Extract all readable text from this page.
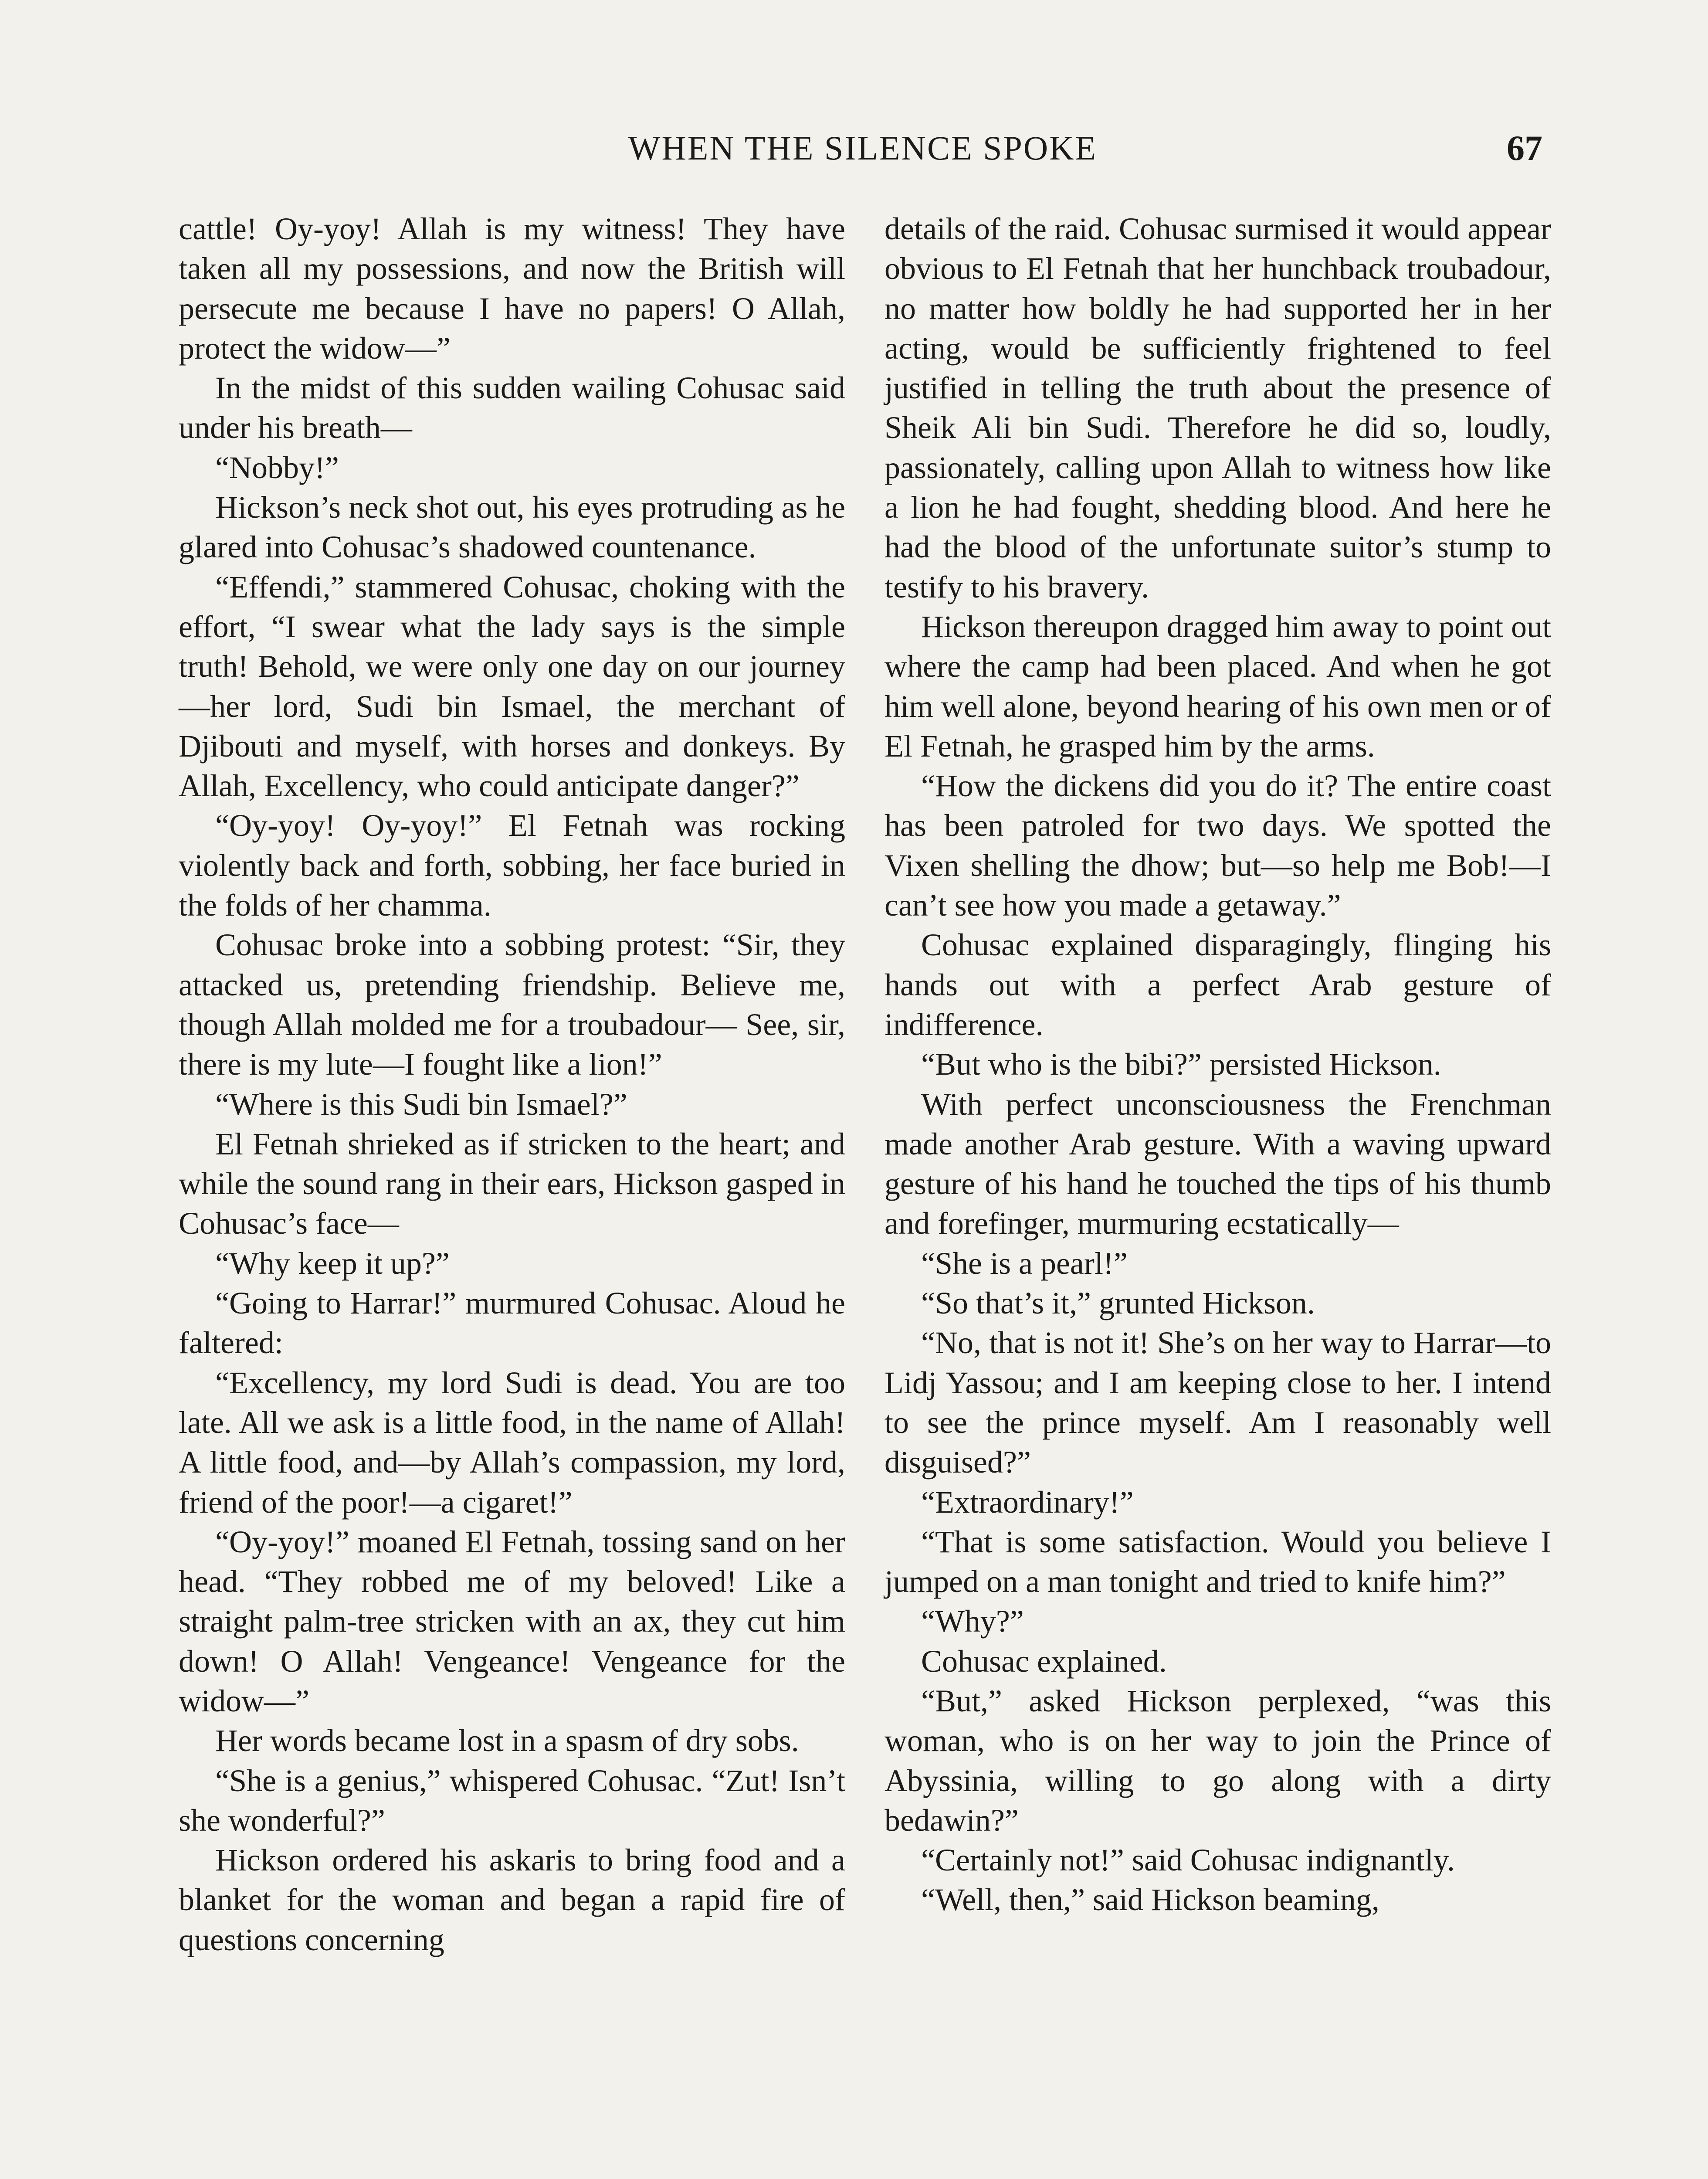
WHEN THE SILENCE SPOKE	67

cattle! Oy-yoy! Allah is my witness! They have taken all my possessions, and now the British will persecute me because I have no papers! O Allah, protect the widow—”

In the midst of this sudden wailing Cohusac said under his breath—

“Nobby!”

Hickson’s neck shot out, his eyes protruding as he glared into Cohusac’s shadowed countenance.

“Effendi,” stammered Cohusac, choking with the effort, “I swear what the lady says is the simple truth! Behold, we were only one day on our journey—her lord, Sudi bin Ismael, the merchant of Djibouti and myself, with horses and donkeys. By Allah, Excellency, who could anticipate danger?”

“Oy-yoy! Oy-yoy!” El Fetnah was rocking violently back and forth, sobbing, her face buried in the folds of her chamma.

Cohusac broke into a sobbing protest: “Sir, they attacked us, pretending friendship. Believe me, though Allah molded me for a troubadour— See, sir, there is my lute—I fought like a lion!”

“Where is this Sudi bin Ismael?”

El Fetnah shrieked as if stricken to the heart; and while the sound rang in their ears, Hickson gasped in Cohusac’s face—

“Why keep it up?”

“Going to Harrar!” murmured Cohusac. Aloud he faltered:

“Excellency, my lord Sudi is dead. You are too late. All we ask is a little food, in the name of Allah! A little food, and—by Allah’s compassion, my lord, friend of the poor!—a cigaret!”

“Oy-yoy!” moaned El Fetnah, tossing sand on her head. “They robbed me of my beloved! Like a straight palm-tree stricken with an ax, they cut him down! O Allah! Vengeance! Vengeance for the widow—”

Her words became lost in a spasm of dry sobs.

“She is a genius,” whispered Cohusac. “Zut! Isn’t she wonderful?”

Hickson ordered his askaris to bring food and a blanket for the woman and began a rapid fire of questions concerning

details of the raid. Cohusac surmised it would appear obvious to El Fetnah that her hunchback troubadour, no matter how boldly he had supported her in her acting, would be sufficiently frightened to feel justified in telling the truth about the presence of Sheik Ali bin Sudi. Therefore he did so, loudly, passionately, calling upon Allah to witness how like a lion he had fought, shedding blood. And here he had the blood of the unfortunate suitor’s stump to testify to his bravery.

Hickson thereupon dragged him away to point out where the camp had been placed. And when he got him well alone, beyond hearing of his own men or of El Fetnah, he grasped him by the arms.

“How the dickens did you do it? The entire coast has been patroled for two days. We spotted the Vixen shelling the dhow; but—so help me Bob!—I can’t see how you made a getaway.”

Cohusac explained disparagingly, flinging his hands out with a perfect Arab gesture of indifference.

“But who is the bibi?” persisted Hickson.

With perfect unconsciousness the Frenchman made another Arab gesture. With a waving upward gesture of his hand he touched the tips of his thumb and forefinger, murmuring ecstatically—

“She is a pearl!”

“So that’s it,” grunted Hickson.

“No, that is not it! She’s on her way to Harrar—to Lidj Yassou; and I am keeping close to her. I intend to see the prince myself. Am I reasonably well disguised?”

“Extraordinary!”

“That is some satisfaction. Would you believe I jumped on a man tonight and tried to knife him?”

“Why?”

Cohusac explained.

“But,” asked Hickson perplexed, “was this woman, who is on her way to join the Prince of Abyssinia, willing to go along with a dirty bedawin?”

“Certainly not!” said Cohusac indignantly.

“Well, then,” said Hickson beaming,
